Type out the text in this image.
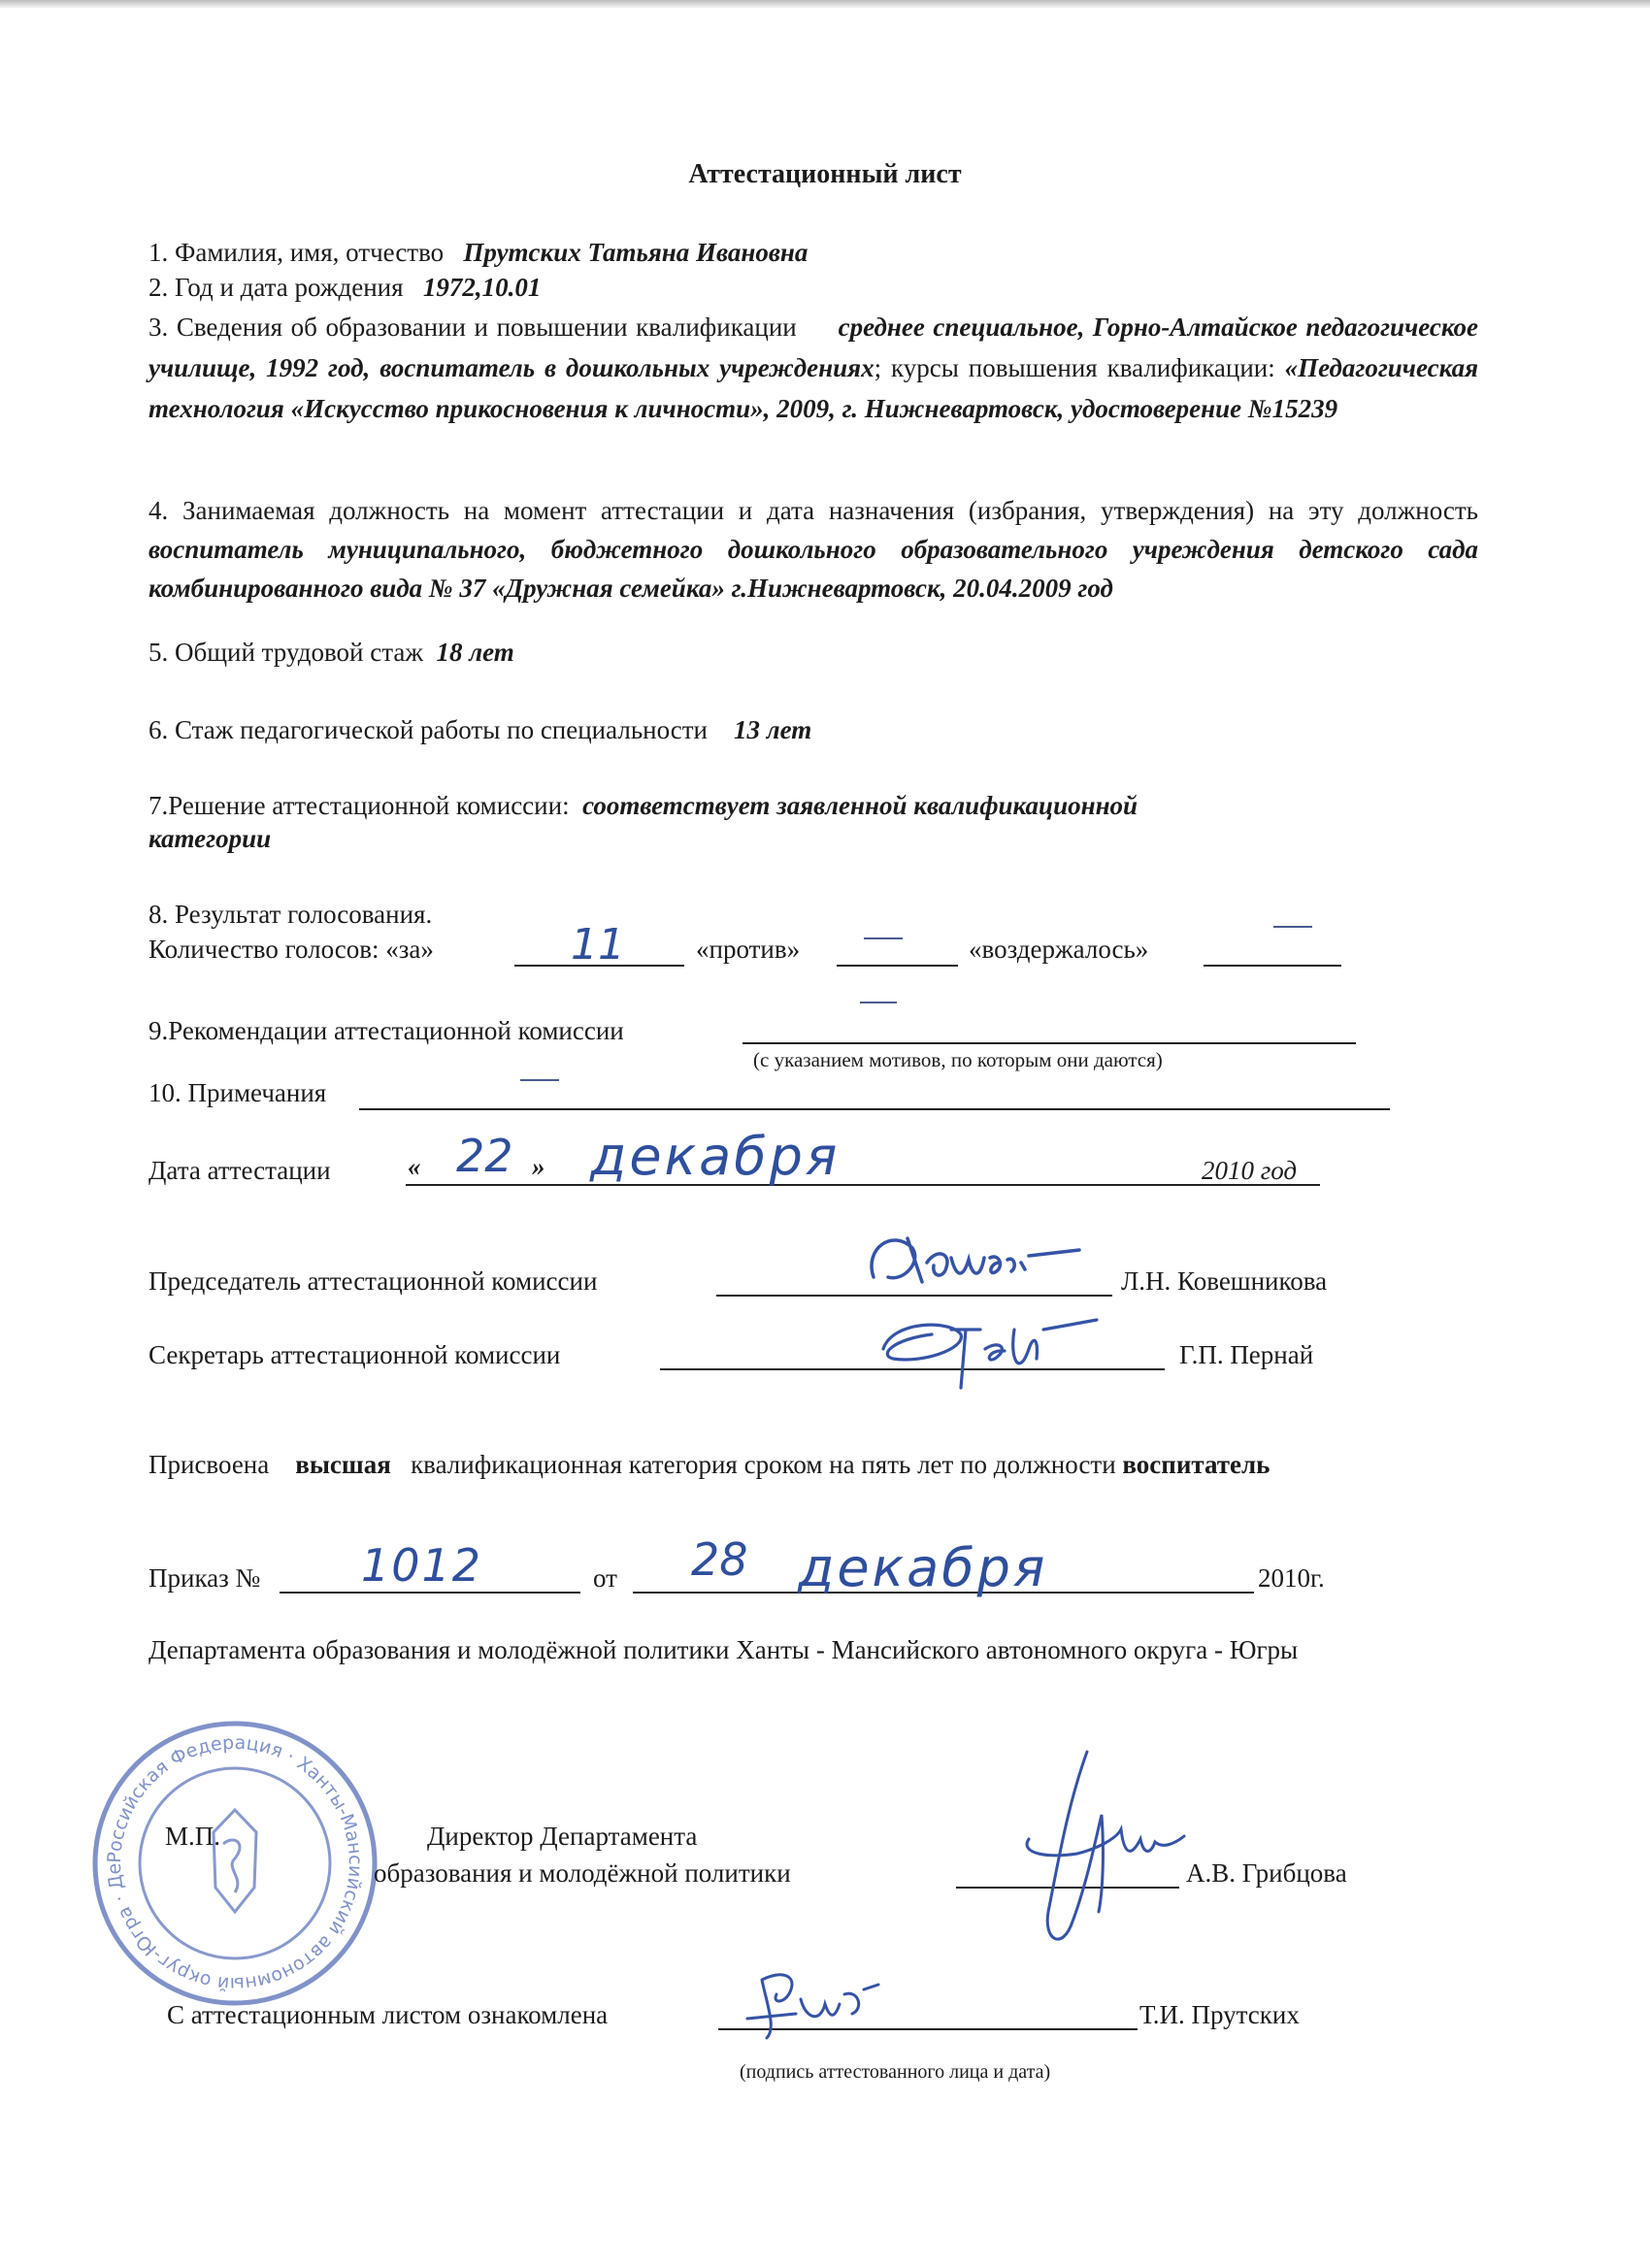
Аттестационный лист
1. Фамилия, имя, отчество Прутских Татьяна Ивановна
2. Год и дата рождения 1972,10.01
3. Сведения об образовании и повышении квалификации среднее специальное, Горно-Алтайское педагогическое училище, 1992 год, воспитатель в дошкольных учреждениях; курсы повышения квалификации: «Педагогическая технология «Искусство прикосновения к личности», 2009, г. Нижневартовск, удостоверение №15239
4. Занимаемая должность на момент аттестации и дата назначения (избрания, утверждения) на эту должность воспитатель муниципального, бюджетного дошкольного образовательного учреждения детского сада комбинированного вида № 37 «Дружная семейка» г.Нижневартовск, 20.04.2009 год
5. Общий трудовой стаж 18 лет
6. Стаж педагогической работы по специальности 13 лет
7.Решение аттестационной комиссии: соответствует заявленной квалификационной
категории
8. Результат голосования.
Количество голосов: «за»	11	«против»	«воздержалось»
9.Рекомендации аттестационной комиссии
(с указанием мотивов, по которым они даются)
10. Примечания
Дата аттестации	« 22 » декабря	2010 год
Председатель аттестационной комиссии	Л.Н. Ковешникова
Секретарь аттестационной комиссии	Г.П. Пернай
Присвоена высшая квалификационная категория сроком на пять лет по должности воспитатель
Приказ № 1012	от 28 декабря	2010г.
Департамента образования и молодёжной политики Ханты - Мансийского автономного округа - Югры
Российская Федерация · Ханты-Мансийский автономный округ-Югра · Департамент образования и молодёжной политики
М.П.	Директор Департамента
образования и молодёжной политики	А.В. Грибцова
С аттестационным листом ознакомлена	Т.И. Прутских
(подпись аттестованного лица и дата)
